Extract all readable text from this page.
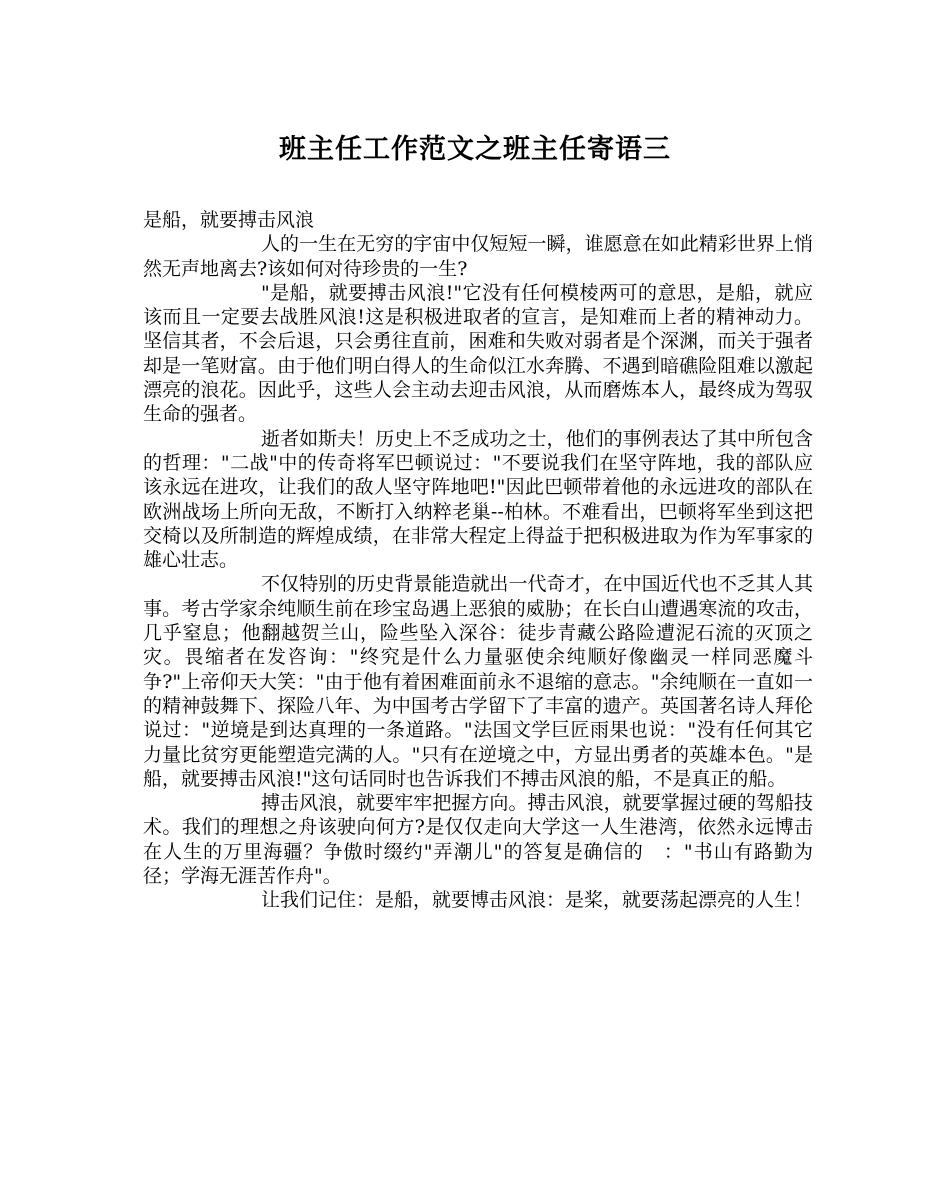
班主任工作范文之班主任寄语三

是船，就要搏击风浪

人的一生在无穷的宇宙中仅短短一瞬，谁愿意在如此精彩世界上悄然无声地离去?该如何对待珍贵的一生?

"是船，就要搏击风浪!"它没有任何模棱两可的意思，是船，就应该而且一定要去战胜风浪!这是积极进取者的宣言，是知难而上者的精神动力。坚信其者，不会后退，只会勇往直前，困难和失败对弱者是个深渊，而关于强者却是一笔财富。由于他们明白得人的生命似江水奔腾、不遇到暗礁险阻难以激起漂亮的浪花。因此乎，这些人会主动去迎击风浪，从而磨炼本人，最终成为驾驭生命的强者。

逝者如斯夫！历史上不乏成功之士，他们的事例表达了其中所包含的哲理："二战"中的传奇将军巴顿说过："不要说我们在坚守阵地，我的部队应该永远在进攻，让我们的敌人坚守阵地吧!"因此巴顿带着他的永远进攻的部队在欧洲战场上所向无敌，不断打入纳粹老巢--柏林。不难看出，巴顿将军坐到这把交椅以及所制造的辉煌成绩，在非常大程定上得益于把积极进取为作为军事家的雄心壮志。

不仅特别的历史背景能造就出一代奇才，在中国近代也不乏其人其事。考古学家余纯顺生前在珍宝岛遇上恶狼的威胁；在长白山遭遇寒流的攻击，几乎窒息；他翻越贺兰山，险些坠入深谷：徒步青藏公路险遭泥石流的灭顶之灾。畏缩者在发咨询："终究是什么力量驱使余纯顺好像幽灵一样同恶魔斗争?"上帝仰天大笑："由于他有着困难面前永不退缩的意志。"余纯顺在一直如一的精神鼓舞下、探险八年、为中国考古学留下了丰富的遗产。英国著名诗人拜伦说过："逆境是到达真理的一条道路。"法国文学巨匠雨果也说："没有任何其它力量比贫穷更能塑造完满的人。"只有在逆境之中，方显出勇者的英雄本色。"是船，就要搏击风浪!"这句话同时也告诉我们不搏击风浪的船，不是真正的船。

搏击风浪，就要牢牢把握方向。搏击风浪，就要掌握过硬的驾船技术。我们的理想之舟该驶向何方?是仅仅走向大学这一人生港湾，依然永远博击在人生的万里海疆？争傲时缀约"弄潮儿"的答复是确信的　："书山有路勤为径；学海无涯苦作舟"。

让我们记住：是船，就要博击风浪：是桨，就要荡起漂亮的人生！
